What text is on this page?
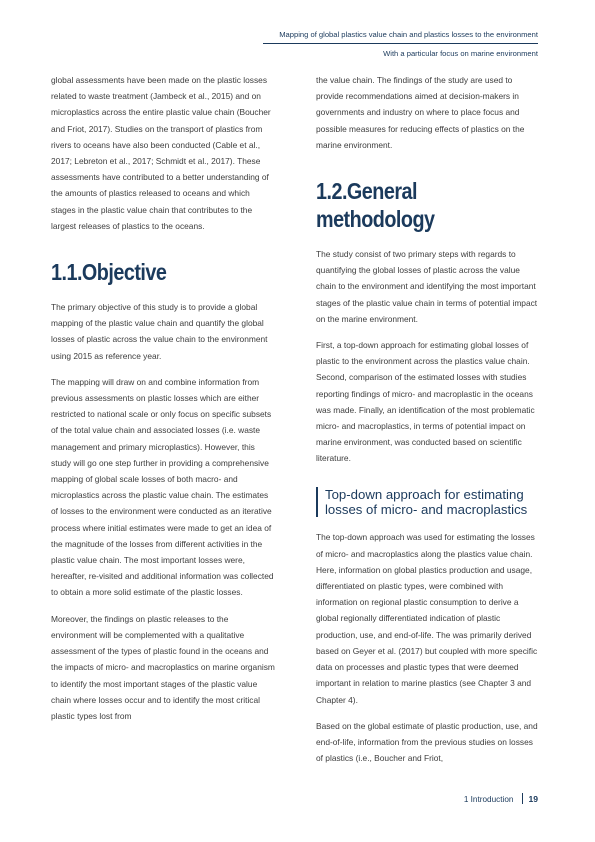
Mapping of global plastics value chain and plastics losses to the environment
With a particular focus on marine environment

global assessments have been made on the plastic losses related to waste treatment (Jambeck et al., 2015) and on microplastics across the entire plastic value chain (Boucher and Friot, 2017). Studies on the transport of plastics from rivers to oceans have also been conducted (Cable et al., 2017; Lebreton et al., 2017; Schmidt et al., 2017). These assessments have contributed to a better understanding of the amounts of plastics released to oceans and which stages in the plastic value chain that contributes to the largest releases of plastics to the oceans.

1.1.Objective

The primary objective of this study is to provide a global mapping of the plastic value chain and quantify the global losses of plastic across the value chain to the environment using 2015 as reference year.

The mapping will draw on and combine information from previous assessments on plastic losses which are either restricted to national scale or only focus on specific subsets of the total value chain and associated losses (i.e. waste management and primary microplastics). However, this study will go one step further in providing a comprehensive mapping of global scale losses of both macro- and microplastics across the plastic value chain. The estimates of losses to the environment were conducted as an iterative process where initial estimates were made to get an idea of the magnitude of the losses from different activities in the plastic value chain. The most important losses were, hereafter, re-visited and additional information was collected to obtain a more solid estimate of the plastic losses.

Moreover, the findings on plastic releases to the environment will be complemented with a qualitative assessment of the types of plastic found in the oceans and the impacts of micro- and macroplastics on marine organism to identify the most important stages of the plastic value chain where losses occur and to identify the most critical plastic types lost from

the value chain. The findings of the study are used to provide recommendations aimed at decision-makers in governments and industry on where to place focus and possible measures for reducing effects of plastics on the marine environment.

1.2.General
methodology

The study consist of two primary steps with regards to quantifying the global losses of plastic across the value chain to the environment and identifying the most important stages of the plastic value chain in terms of potential impact on the marine environment.

First, a top-down approach for estimating global losses of plastic to the environment across the plastics value chain. Second, comparison of the estimated losses with studies reporting findings of micro- and macroplastic in the oceans was made. Finally, an identification of the most problematic micro- and macroplastics, in terms of potential impact on marine environment, was conducted based on scientific literature.

Top-down approach for estimating losses of micro- and macroplastics

The top-down approach was used for estimating the losses of micro- and macroplastics along the plastics value chain. Here, information on global plastics production and usage, differentiated on plastic types, were combined with information on regional plastic consumption to derive a global regionally differentiated indication of plastic production, use, and end-of-life. The was primarily derived based on Geyer et al. (2017) but coupled with more specific data on processes and plastic types that were deemed important in relation to marine plastics (see Chapter 3 and Chapter 4).

Based on the global estimate of plastic production, use, and end-of-life, information from the previous studies on losses of plastics (i.e., Boucher and Friot,

1 Introduction 19
